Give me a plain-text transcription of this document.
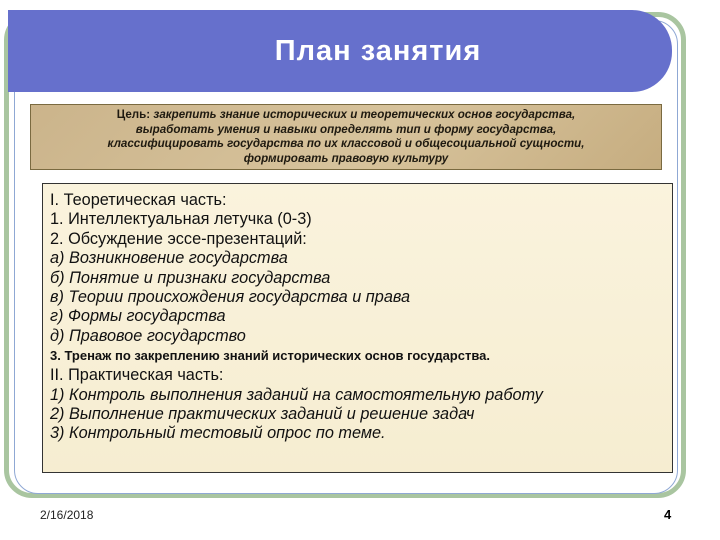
План занятия
Цель: закрепить знание исторических и теоретических основ государства,
выработать умения и навыки определять тип и форму государства,
классифицировать государства по их классовой и общесоциальной сущности,
формировать правовую культуру
I. Теоретическая часть:
1. Интеллектуальная летучка (0-3)
2. Обсуждение эссе-презентаций:
а) Возникновение государства
б) Понятие и признаки государства
в) Теории происхождения государства и права
г) Формы государства
д) Правовое государство
3. Тренаж по закреплению знаний исторических основ государства.
II. Практическая часть:
1) Контроль выполнения заданий на самостоятельную работу
2) Выполнение практических заданий и решение задач
3) Контрольный тестовый опрос по теме.
2/16/2018	4
